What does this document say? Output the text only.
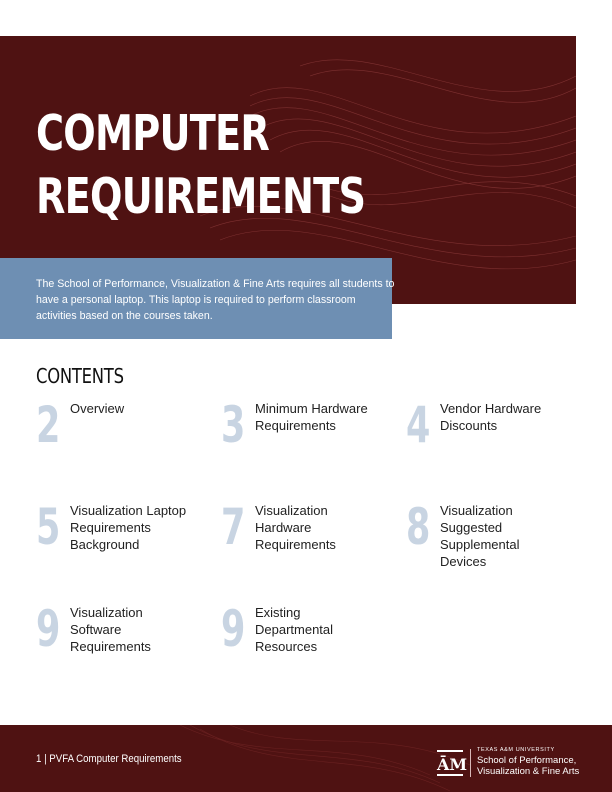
COMPUTER
REQUIREMENTS

The School of Performance, Visualization & Fine Arts requires all students to have a personal laptop. This laptop is required to perform classroom activities based on the courses taken.

CONTENTS
2 Overview	3 Minimum Hardware Requirements	4 Vendor Hardware Discounts
5 Visualization Laptop Requirements Background	7 Visualization Hardware Requirements	8 Visualization Suggested Supplemental Devices
9 Visualization Software Requirements	9 Existing Departmental Resources
1 | PVFA Computer Requirements	ĀM
TEXAS A&M UNIVERSITY
School of Performance, Visualization & Fine Arts
